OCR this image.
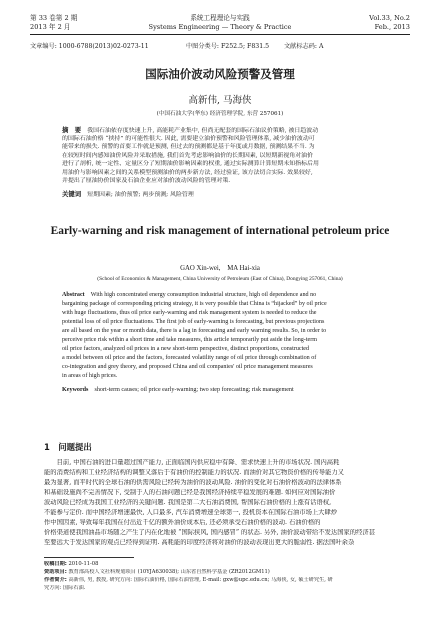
第 33 卷第 2 期	系统工程理论与实践	Vol.33, No.2
2013 年 2 月	Systems Engineering — Theory & Practice	Feb., 2013
文章编号: 1000-6788(2013)02-0273-11	中图分类号: F252.5; F831.5 文献标志码: A
国际油价波动风险预警及管理
高新伟, 马海侠
(中国石油大学(华东) 经济管理学院, 东营 257061)
摘　要　 我国石油依存度快速上升, 高能耗产业集中, 但尚无配套的国际石油议价策略, 被日趋波动
的国际石油价格 “挟持” 的可能性很大. 因此, 需要建立油价预警和风险管理体系, 减少油价波动可
能带来的损失. 预警的首要工作就是预测, 但过去的预测都是基于年度或月数据, 预测结果不当. 为
在较短时间内感知油价风险并采取措施, 我们首先考虑影响油价的长期因素, 以短期新视角对油价
进行了剖析, 统一定性、定量区分了短期油价影响因素的权重, 通过实际测算计算短期未知指标后用
用油价与影响因素之间的关系模型预测油价的两步新方法, 经过验证, 该方法切合实际. 效果较好,
并提出了厘油协价国家及石油企业应对油价波动风险的管理对策.
关键词　 短期因素; 油价预警; 两步预测; 风险管理
Early-warning and risk management of international petroleum price
GAO Xin-wei,　MA Hai-xia
(School of Economics & Management, China University of Petroleum (East of China), Dongying 257061, China)
Abstract　 With high concentrated energy consumption industrial structure, high oil dependence and no
bargaining package of corresponding pricing strategy, it is very possible that China is “hijacked” by oil price
with huge fluctuations, thus oil price early-warning and risk management system is needed to reduce the
potential loss of oil price fluctuations. The first job of early-warning is forecasting, but previous projections
are all based on the year or month data, there is a lag in forecasting and early warning results. So, in order to
perceive price risk within a short time and take measures, this article temporarily put aside the long-term
oil price factors, analyzed oil prices in a new short-term perspective, distinct proportions, constructed
a model between oil price and the factors, forecasted volatility range of oil price through combination of
co-integration and grey theory, and proposed China and oil companies' oil price management measures
in areas of high prices.
Keywords　 short-term causes; oil price early-warning; two step forecasting; risk management
1　问题提出
　　目前, 中国石油的进口量超过国产能力, 正面临国内供应稳中有降、需求快速上升的市场状况. 国内高耗
能的消费结构和工业经济结构的调整又落后于有油价的控制能力的状况. 而油价对其它物资价格的传导能力又
最为显著, 而平时代的全球石油的供需风险已经转为油价的波动风险. 油价的变化对石油价格波动的法律体系
和基础设施尚不完善情况下, 受制于人的石油问题已经是我国经济持续平稳发展的难题. 如何应对国际油价
波动风险已经成为我国工业经济的关键问题. 我国是第二大石油消费国, 帮国际石油价格的上涨有话语权,
不能参与定价. 而中国经济增速最快, 人口最多, 汽车消费增速全球第一, 投机资本在国际石油市场上大肆炒
作中国因素, 导致每年我国在付出近千亿的额外油价成本后, 还必须承受石油价格的波动. 石油价格的
价格渠道使我国油品市场随之产生了内在化地被 “国际挟风, 国内感冒” 的状态. 另外, 油价波动带给不发达国家的经济甚
至要远大于发达国家的观点已经得到证明. 高耗能的印度经济将对油价的波动表现出更大的脆弱性. 据法国叶余杂
收稿日期: 2010-11-08
资助项目: 教育部高校人文社科规划项目 (10YJA630038); 山东省自然科学基金 (ZR2012GM11)
作者简介: 高新伟, 男, 教授, 研究方向: 国际石油价格, 国际石油管理, E-mail: gxw@upc.edu.cn; 马海侠, 女, 硕士研究生, 研
究方向: 国际石油.
